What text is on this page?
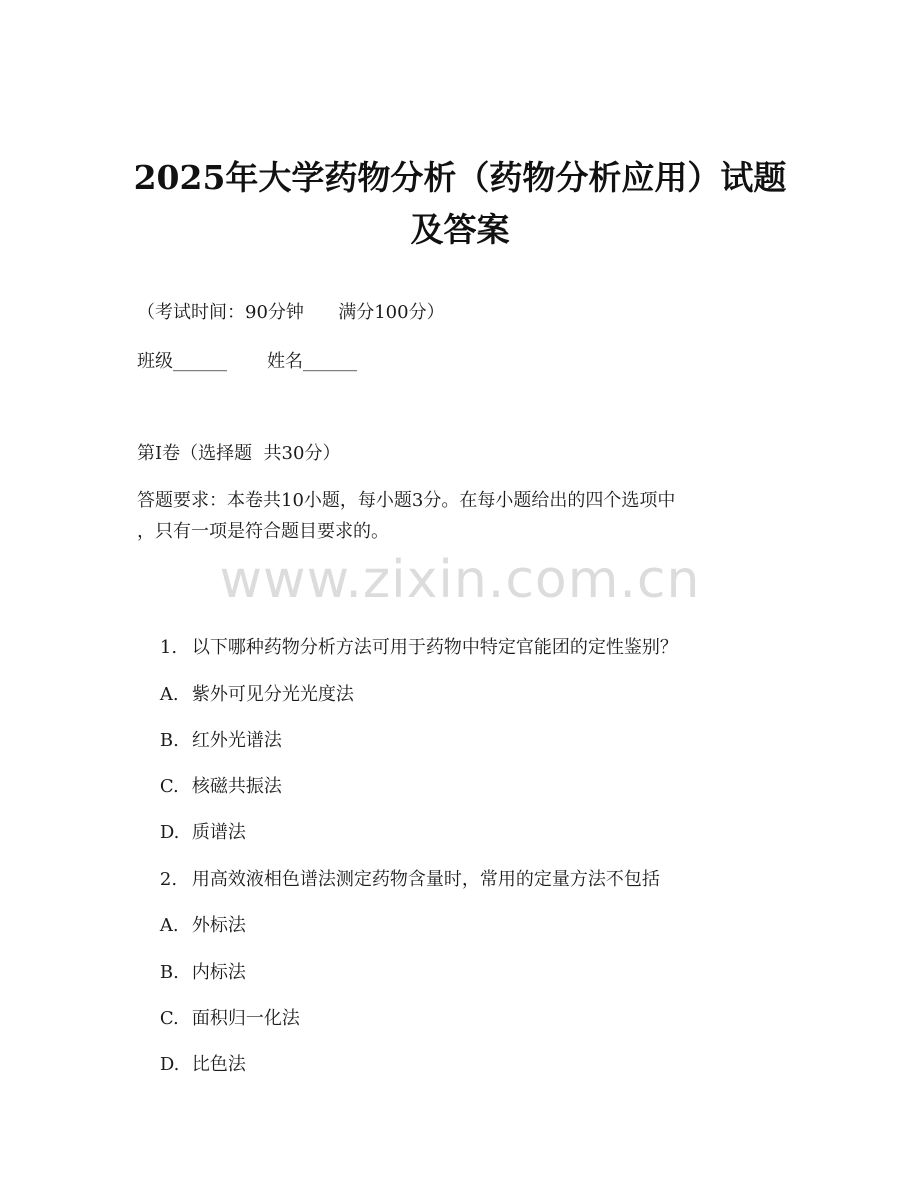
2025年大学药物分析（药物分析应用）试题
及答案
（考试时间：90分钟      满分100分）
班级______       姓名______
第I卷（选择题  共30分）
答题要求：本卷共10小题，每小题3分。在每小题给出的四个选项中
，只有一项是符合题目要求的。
www.zixin.com.cn

1. 以下哪种药物分析方法可用于药物中特定官能团的定性鉴别？

A. 紫外可见分光光度法

B. 红外光谱法

C. 核磁共振法

D. 质谱法

2. 用高效液相色谱法测定药物含量时，常用的定量方法不包括

A. 外标法

B. 内标法

C. 面积归一化法

D. 比色法
